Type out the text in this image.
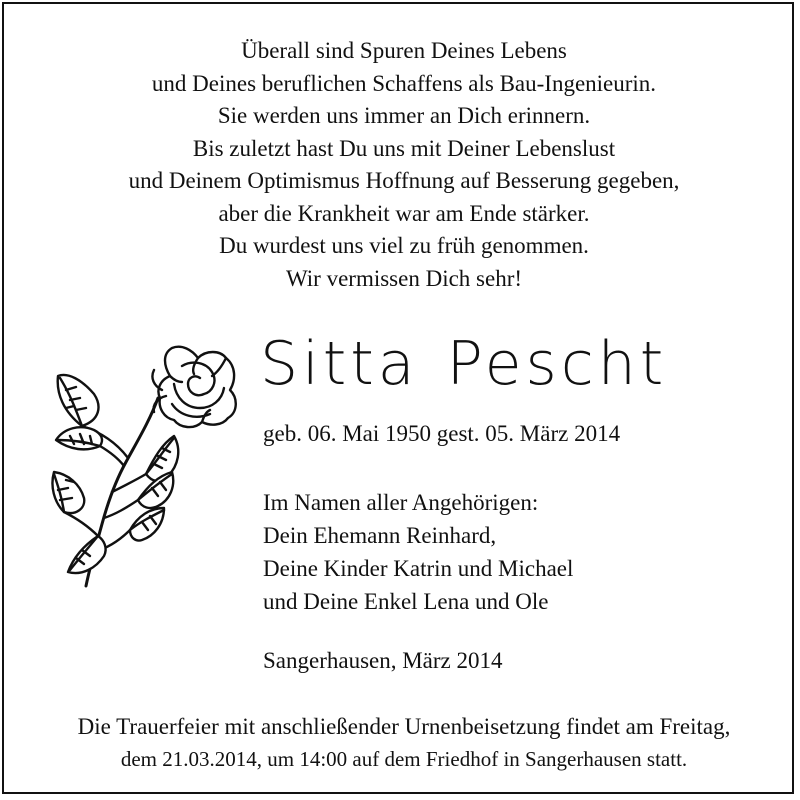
Überall sind Spuren Deines Lebens
und Deines beruflichen Schaffens als Bau-Ingenieurin.
Sie werden uns immer an Dich erinnern.
Bis zuletzt hast Du uns mit Deiner Lebenslust
und Deinem Optimismus Hoffnung auf Besserung gegeben,
aber die Krankheit war am Ende stärker.
Du wurdest uns viel zu früh genommen.
Wir vermissen Dich sehr!
Sitta Pescht
geb. 06. Mai 1950 gest. 05. März 2014
Im Namen aller Angehörigen:
Dein Ehemann Reinhard,
Deine Kinder Katrin und Michael
und Deine Enkel Lena und Ole
Sangerhausen, März 2014
Die Trauerfeier mit anschließender Urnenbeisetzung findet am Freitag,
dem 21.03.2014, um 14:00 auf dem Friedhof in Sangerhausen statt.
